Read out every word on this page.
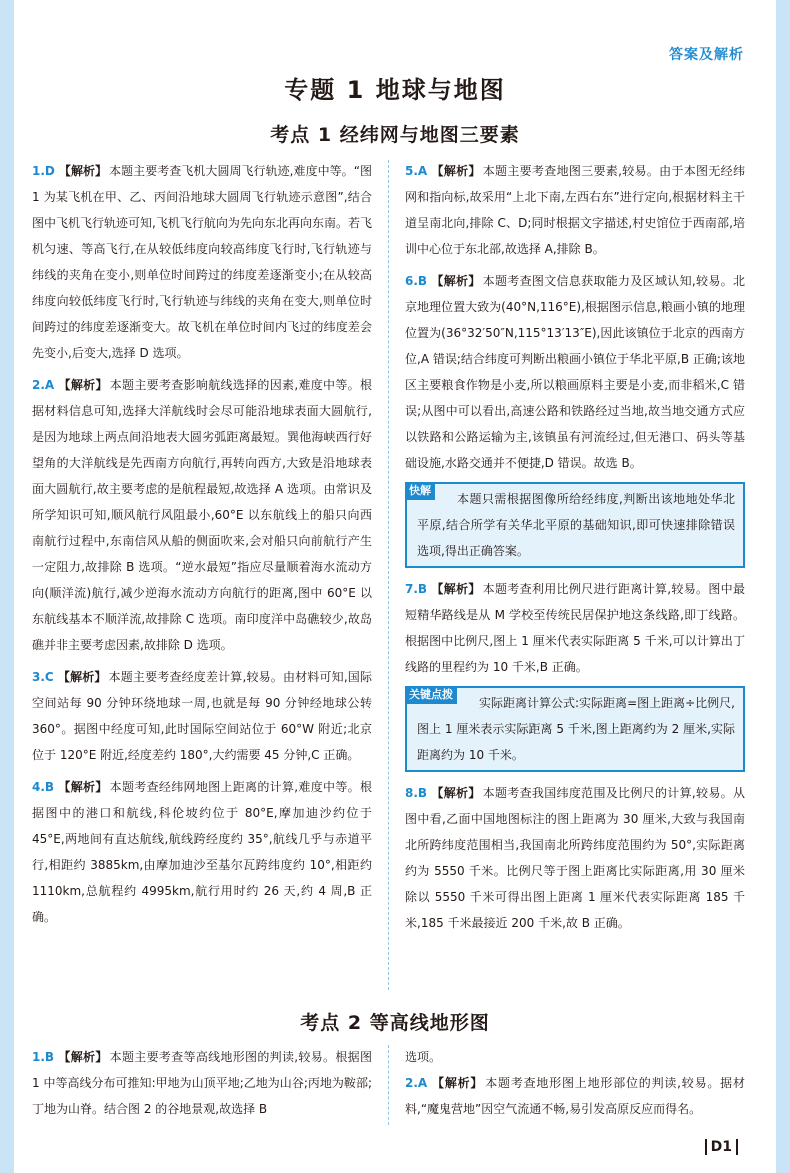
答案及解析
专题 1 地球与地图
考点 1 经纬网与地图三要素
1.D 【解析】 本题主要考查飞机大圆周飞行轨迹,难度中等。“图 1 为某飞机在甲、乙、丙间沿地球大圆周飞行轨迹示意图”,结合图中飞机飞行轨迹可知,飞机飞行航向为先向东北再向东南。若飞机匀速、等高飞行,在从较低纬度向较高纬度飞行时,飞行轨迹与纬线的夹角在变小,则单位时间跨过的纬度差逐渐变小;在从较高纬度向较低纬度飞行时,飞行轨迹与纬线的夹角在变大,则单位时间跨过的纬度差逐渐变大。故飞机在单位时间内飞过的纬度差会先变小,后变大,选择 D 选项。
2.A 【解析】 本题主要考查影响航线选择的因素,难度中等。根据材料信息可知,选择大洋航线时会尽可能沿地球表面大圆航行,是因为地球上两点间沿地表大圆劣弧距离最短。巽他海峡西行好望角的大洋航线是先西南方向航行,再转向西方,大致是沿地球表面大圆航行,故主要考虑的是航程最短,故选择 A 选项。由常识及所学知识可知,顺风航行风阻最小,60°E 以东航线上的船只向西南航行过程中,东南信风从船的侧面吹来,会对船只向前航行产生一定阻力,故排除 B 选项。“逆水最短”指应尽量顺着海水流动方向(顺洋流)航行,减少逆海水流动方向航行的距离,图中 60°E 以东航线基本不顺洋流,故排除 C 选项。南印度洋中岛礁较少,故岛礁并非主要考虑因素,故排除 D 选项。
3.C 【解析】 本题主要考查经度差计算,较易。由材料可知,国际空间站每 90 分钟环绕地球一周,也就是每 90 分钟经地球公转 360°。据图中经度可知,此时国际空间站位于 60°W 附近;北京位于 120°E 附近,经度差约 180°,大约需要 45 分钟,C 正确。
4.B 【解析】 本题考查经纬网地图上距离的计算,难度中等。根据图中的港口和航线,科伦坡约位于 80°E,摩加迪沙约位于 45°E,两地间有直达航线,航线跨经度约 35°,航线几乎与赤道平行,相距约 3885km,由摩加迪沙至基尔瓦跨纬度约 10°,相距约 1110km,总航程约 4995km,航行用时约 26 天,约 4 周,B 正确。
5.A 【解析】 本题主要考查地图三要素,较易。由于本图无经纬网和指向标,故采用“上北下南,左西右东”进行定向,根据材料主干道呈南北向,排除 C、D;同时根据文字描述,村史馆位于西南部,培训中心位于东北部,故选择 A,排除 B。
6.B 【解析】 本题考查图文信息获取能力及区域认知,较易。北京地理位置大致为(40°N,116°E),根据图示信息,粮画小镇的地理位置为(36°32′50″N,115°13′13″E),因此该镇位于北京的西南方位,A 错误;结合纬度可判断出粮画小镇位于华北平原,B 正确;该地区主要粮食作物是小麦,所以粮画原料主要是小麦,而非稻米,C 错误;从图中可以看出,高速公路和铁路经过当地,故当地交通方式应以铁路和公路运输为主,该镇虽有河流经过,但无港口、码头等基础设施,水路交通并不便捷,D 错误。故选 B。
快解
本题只需根据图像所给经纬度,判断出该地地处华北平原,结合所学有关华北平原的基础知识,即可快速排除错误选项,得出正确答案。
7.B 【解析】 本题考查利用比例尺进行距离计算,较易。图中最短精华路线是从 M 学校至传统民居保护地这条线路,即丁线路。根据图中比例尺,图上 1 厘米代表实际距离 5 千米,可以计算出丁线路的里程约为 10 千米,B 正确。
关键点拨
实际距离计算公式:实际距离=图上距离÷比例尺,图上 1 厘米表示实际距离 5 千米,图上距离约为 2 厘米,实际距离约为 10 千米。
8.B 【解析】 本题考查我国纬度范围及比例尺的计算,较易。从图中看,乙面中国地图标注的图上距离为 30 厘米,大致与我国南北所跨纬度范围相当,我国南北所跨纬度范围约为 50°,实际距离约为 5550 千米。比例尺等于图上距离比实际距离,用 30 厘米除以 5550 千米可得出图上距离 1 厘米代表实际距离 185 千米,185 千米最接近 200 千米,故 B 正确。
考点 2 等高线地形图
1.B 【解析】 本题主要考查等高线地形图的判读,较易。根据图 1 中等高线分布可推知:甲地为山顶平地;乙地为山谷;丙地为鞍部;丁地为山脊。结合图 2 的谷地景观,故选择 B
选项。
2.A 【解析】 本题考查地形图上地形部位的判读,较易。据材料,“魔鬼营地”因空气流通不畅,易引发高原反应而得名。
D1
